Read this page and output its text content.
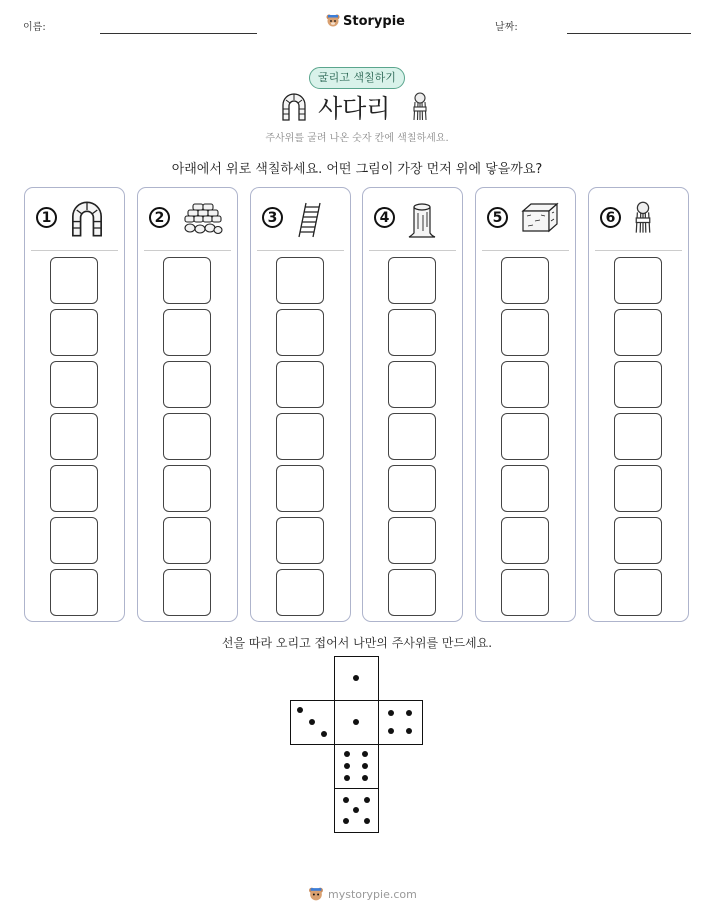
이름:	Storypie	날짜:
굴리고 색칠하기
사다리
주사위를 굴려 나온 숫자 칸에 색칠하세요.
아래에서 위로 색칠하세요. 어떤 그림이 가장 먼저 위에 닿을까요?
1	2	3	4	5	6
선을 따라 오리고 접어서 나만의 주사위를 만드세요.
mystorypie.com
